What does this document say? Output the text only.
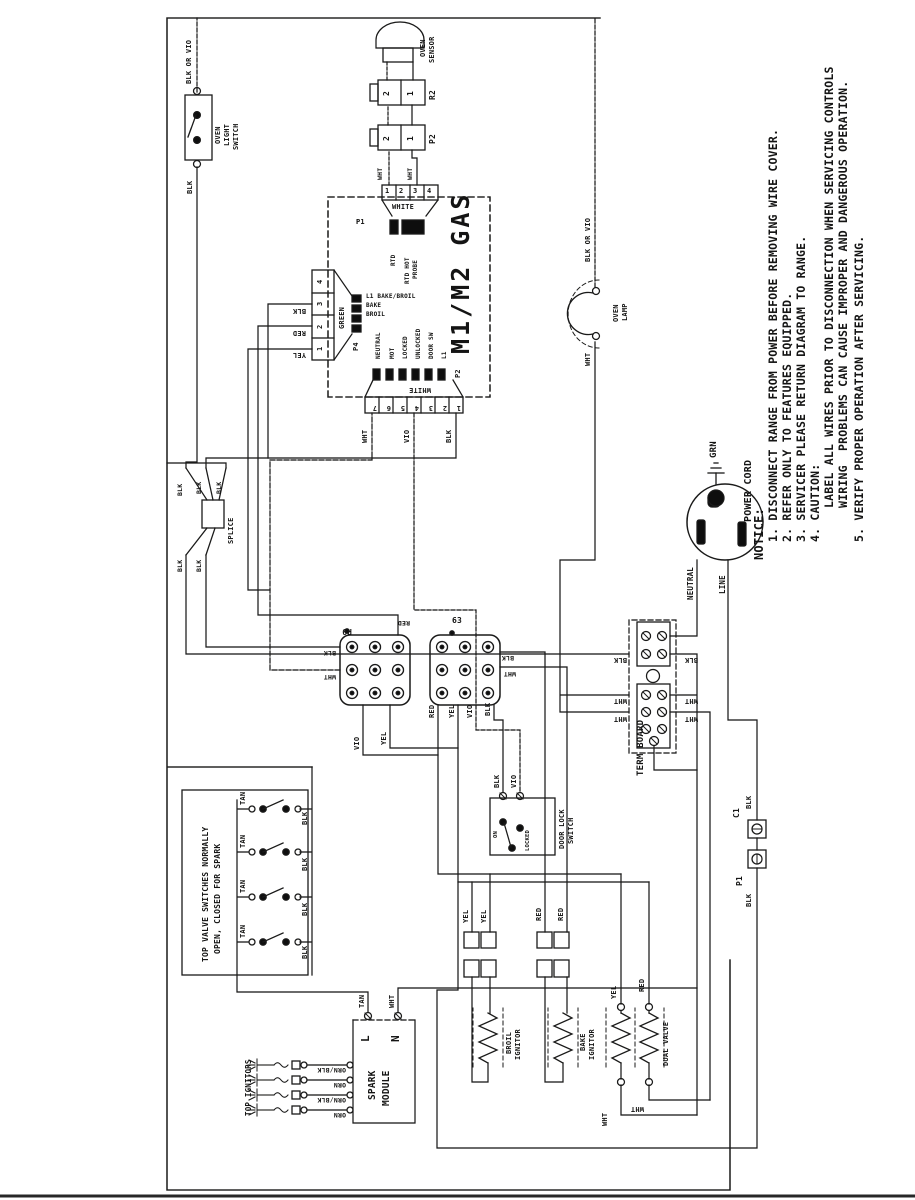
NOTICE: 1. DISCONNECT RANGE FROM POWER BEFORE REMOVING WIRE COVER. 2. REFER ONLY TO FEATURES EQUIPPED. 3. SERVICER PLEASE RETURN DIAGRAM TO RANGE. 4. CAUTION: LABEL ALL WIRES PRIOR TO DISCONNECTION WHEN SERVICING CONTROLS WIRING  PROBLEMS CAN CAUSE IMPROPER AND DANGEROUS OPERATION. 5. VERIFY PROPER OPERATION AFTER SERVICING.
POWER CORD
GRN
NEUTRAL	LINE
TERM BOARD
WHT
WHT
WHT
WHT
BLK	BLK
BLK BLK BLK
BLK BLK
SPLICE
OVEN LIGHT SWITCH
BLK OR VIO
BLK
OVEN LAMP
BLK OR VIO
WHT
OVEN SENSOR
R2
P2
2 1
2 1
WHT	WHT
M1/M2 GAS
1 2 3 4
WHITE
P1
RTD RTD HOT PROBE
7 6 5 4 3 2 1
WHITE
P2
NEUTRAL MOT LOCKED UNLOCKED DOOR SW L1
1
2
3
4
GREEN
P4
L1 BAKE/BROIL
BAKE
BROIL
YEL
RED
BLK
WHT	VIO	BLK
P9
63
BLK
WHT
RED
VIO	YEL
RED YEL VIO BLK
BLK
WHT
BLK VIO
DOOR LOCK SWITCH
LOCKED
ON
C1
P1
BLK
BLK
TOP VALVE SWITCHES NORMALLY OPEN, CLOSED FOR SPARK
TAN
TAN
TAN
TAN
BLK
BLK
BLK
BLK
SPARK MODULE
L N
TAN	WHT
TOP IGNITORS	ORN
ORN/BLK
ORN
ORN/BLK
YEL YEL	RED RED
BROIL IGNITOR	BAKE IGNITOR	DUAL VALVE
YEL
RED
WHT
WHT
